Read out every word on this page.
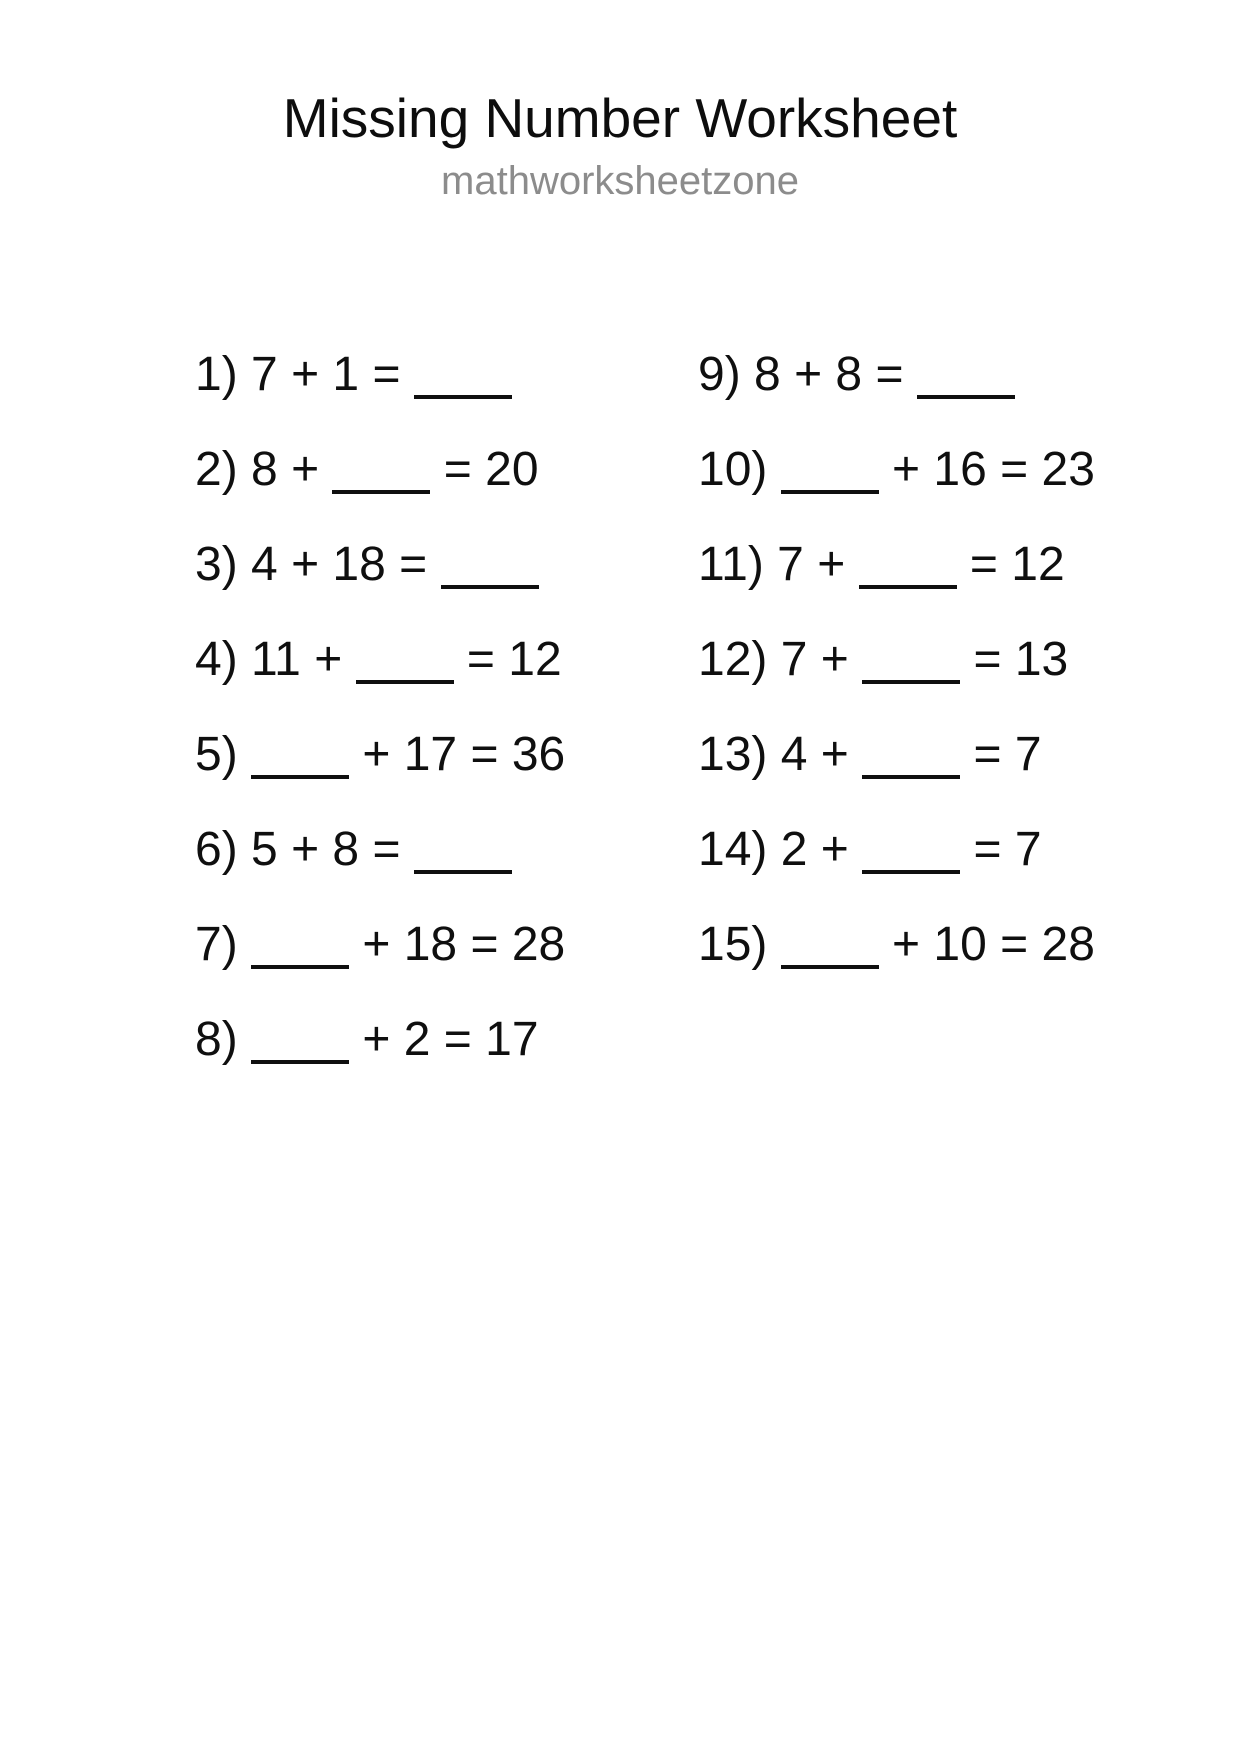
Missing Number Worksheet
mathworksheetzone
1) 7 + 1 =
2) 8 +  = 20
3) 4 + 18 =
4) 11 +  = 12
5)  + 17 = 36
6) 5 + 8 =
7)  + 18 = 28
8)  + 2 = 17
9) 8 + 8 =
10)  + 16 = 23
11) 7 +  = 12
12) 7 +  = 13
13) 4 +  = 7
14) 2 +  = 7
15)  + 10 = 28
